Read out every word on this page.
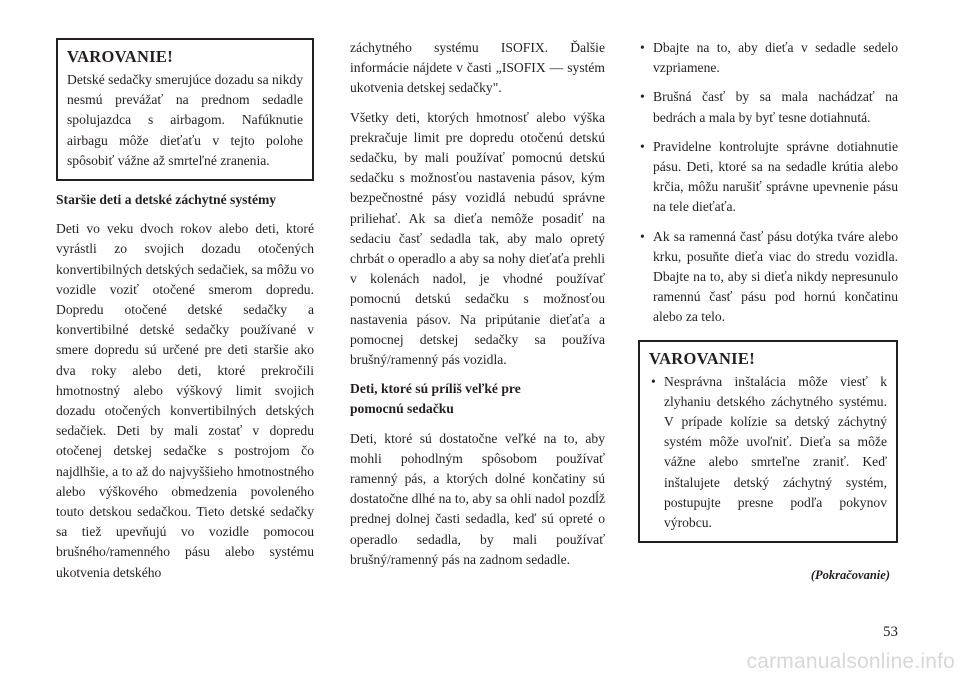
VAROVANIE!
Detské sedačky smerujúce dozadu sa nikdy nesmú prevážať na prednom sedadle spolujazdca s airbagom. Nafúknutie airbagu môže dieťaťu v tejto polohe spôsobiť vážne až smrteľné zranenia.
Staršie deti a detské záchytné systémy

Deti vo veku dvoch rokov alebo deti, ktoré vyrástli zo svojich dozadu otočených konvertibilných detských sedačiek, sa môžu vo vozidle voziť otočené smerom dopredu. Dopredu otočené detské sedačky a konvertibilné detské sedačky používané v smere dopredu sú určené pre deti staršie ako dva roky alebo deti, ktoré prekročili hmotnostný alebo výškový limit svojich dozadu otočených konvertibilných detských sedačiek. Deti by mali zostať v dopredu otočenej detskej sedačke s postrojom čo najdlhšie, a to až do najvyššieho hmotnostného alebo výškového obmedzenia povoleného touto detskou sedačkou. Tieto detské sedačky sa tiež upevňujú vo vozidle pomocou brušného/ramenného pásu alebo systému ukotvenia detského

záchytného systému ISOFIX. Ďalšie informácie nájdete v časti „ISOFIX — systém ukotvenia detskej sedačky".

Všetky deti, ktorých hmotnosť alebo výška prekračuje limit pre dopredu otočenú detskú sedačku, by mali používať pomocnú detskú sedačku s možnosťou nastavenia pásov, kým bezpečnostné pásy vozidlá nebudú správne priliehať. Ak sa dieťa nemôže posadiť na sedaciu časť sedadla tak, aby malo opretý chrbát o operadlo a aby sa nohy dieťaťa prehli v kolenách nadol, je vhodné používať pomocnú detskú sedačku s možnosťou nastavenia pásov. Na pripútanie dieťaťa a pomocnej detskej sedačky sa používa brušný/ramenný pás vozidla.

Deti, ktoré sú príliš veľké pre
pomocnú sedačku

Deti, ktoré sú dostatočne veľké na to, aby mohli pohodlným spôsobom používať ramenný pás, a ktorých dolné končatiny sú dostatočne dlhé na to, aby sa ohli nadol pozdĺž prednej dolnej časti sedadla, keď sú opreté o operadlo sedadla, by mali používať brušný/ramenný pás na zadnom sedadle.

• Dbajte na to, aby dieťa v sedadle sedelo vzpriamene.
• Brušná časť by sa mala nachádzať na bedrách a mala by byť tesne dotiahnutá.
• Pravidelne kontrolujte správne dotiahnutie pásu. Deti, ktoré sa na sedadle krútia alebo krčia, môžu narušiť správne upevnenie pásu na tele dieťaťa.
• Ak sa ramenná časť pásu dotýka tváre alebo krku, posuňte dieťa viac do stredu vozidla. Dbajte na to, aby si dieťa nikdy nepresunulo ramennú časť pásu pod hornú končatinu alebo za telo.
VAROVANIE!
• Nesprávna inštalácia môže viesť k zlyhaniu detského záchytného systému. V prípade kolízie sa detský záchytný systém môže uvoľniť. Dieťa sa môže vážne alebo smrteľne zraniť. Keď inštalujete detský záchytný systém, postupujte presne podľa pokynov výrobcu.
(Pokračovanie)
53
carmanualsonline.info
